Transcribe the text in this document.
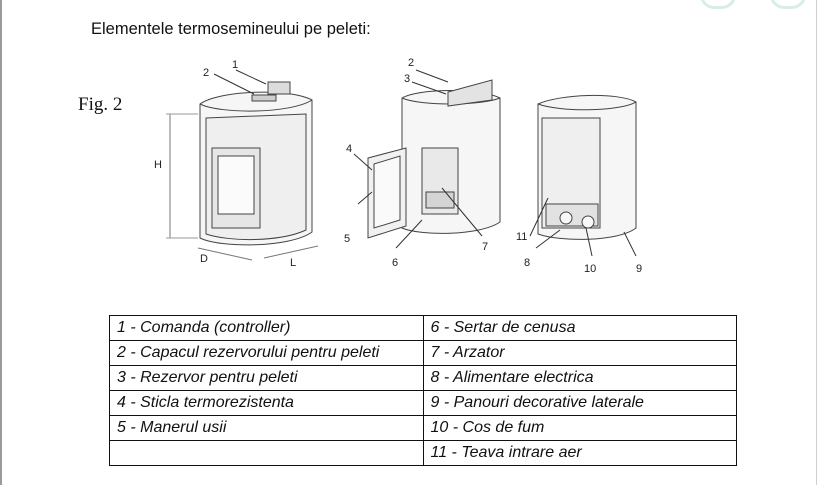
Elementele termosemineului pe peleti:
Fig. 2
1
2
H
D	L
2
3
4
5
6
7
11
8	10	9
1 - Comanda (controller)	6 - Sertar de cenusa
2 - Capacul rezervorului pentru peleti	7 - Arzator
3 - Rezervor pentru peleti	8 - Alimentare electrica
4 - Sticla termorezistenta	9 - Panouri decorative laterale
5 - Manerul usii	10 - Cos de fum
	11 - Teava intrare aer
